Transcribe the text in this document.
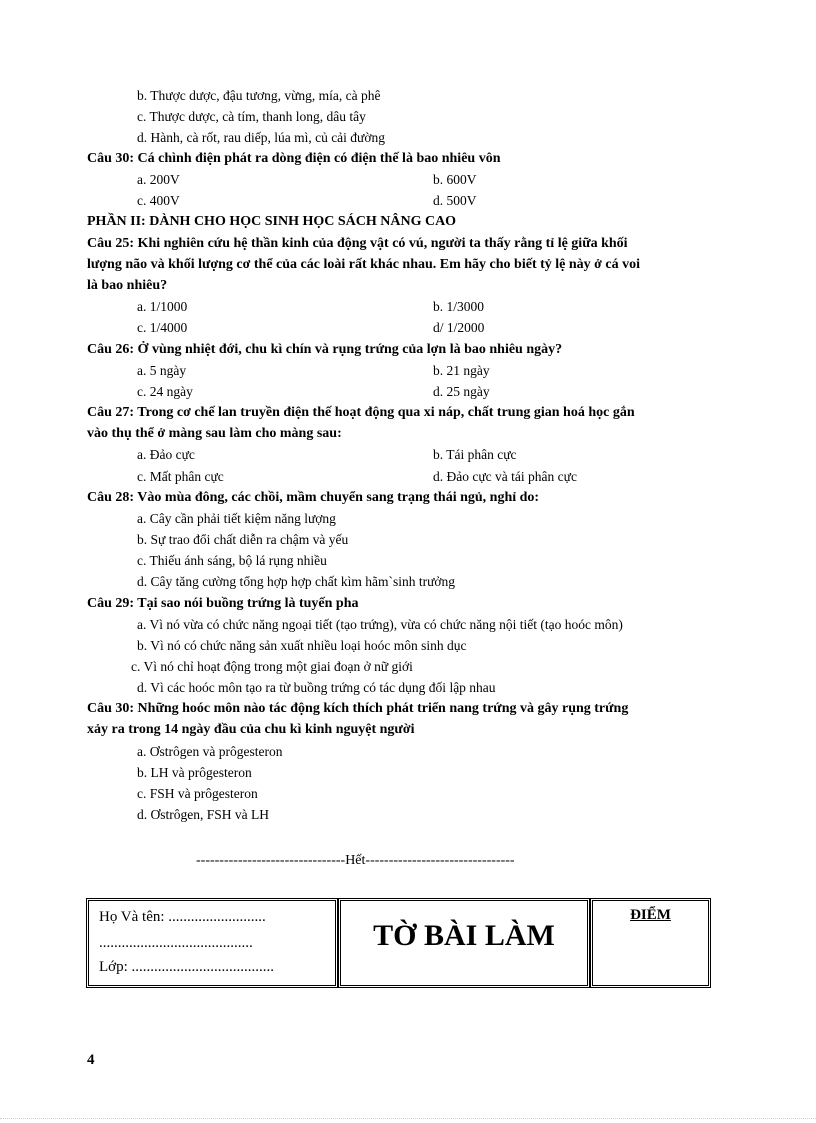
b. Thược dược, đậu tương, vừng, mía, cà phê
c. Thược dược, cà tím, thanh long, dâu tây
d. Hành, cà rốt, rau diếp, lúa mì, củ cải đường
Câu 30: Cá chình điện phát ra dòng điện có điện thế là bao nhiêu vôn
a. 200V	b. 600V
c. 400V	d. 500V
PHẦN II: DÀNH CHO HỌC SINH HỌC SÁCH NÂNG CAO
Câu 25: Khi nghiên cứu hệ thần kinh của động vật có vú, người ta thấy rằng tỉ lệ giữa khối
lượng não và khối lượng cơ thể của các loài rất khác nhau. Em hãy cho biết tỷ lệ này ở cá voi
là bao nhiêu?
a. 1/1000	b. 1/3000
c. 1/4000	d/ 1/2000
Câu 26: Ở vùng nhiệt đới, chu kì chín và rụng trứng của lợn là bao nhiêu ngày?
a. 5 ngày	b. 21 ngày
c. 24 ngày	d. 25 ngày
Câu 27: Trong cơ chế lan truyền điện thế hoạt động qua xi náp, chất trung gian hoá học gắn
vào thụ thể ở màng sau làm cho màng sau:
a. Đảo cực	b. Tái phân cực
c. Mất phân cực	d. Đảo cực và tái phân cực
Câu 28: Vào mùa đông, các chồi, mầm chuyển sang trạng thái ngủ, nghỉ do:
a. Cây cần phải tiết kiệm năng lượng
b. Sự trao đổi chất diễn ra chậm và yếu
c. Thiếu ánh sáng, bộ lá rụng nhiều
d. Cây tăng cường tổng hợp hợp chất kìm hãm`sinh trưởng
Câu 29: Tại sao nói buồng trứng là tuyến pha
a. Vì nó vừa có chức năng ngoại tiết (tạo trứng), vừa có chức năng nội tiết (tạo hoóc môn)
b. Vì nó có chức năng sản xuất nhiều loại hoóc môn sinh dục
c. Vì nó chỉ hoạt động trong một giai đoạn ở nữ giới
d. Vì các hoóc môn tạo ra từ buồng trứng có tác dụng đối lập nhau
Câu 30: Những hoóc môn nào tác động kích thích phát triển nang trứng và gây rụng trứng
xảy ra trong 14 ngày đầu của chu kì kinh nguyệt người
a. Ơstrôgen và prôgesteron
b. LH và prôgesteron
c. FSH và prôgesteron
d. Ơstrôgen, FSH và LH
--------------------------------Hết--------------------------------
Họ Và tên: ..........................
.........................................
Lớp: ......................................
TỜ BÀI LÀM
ĐIỂM
4
